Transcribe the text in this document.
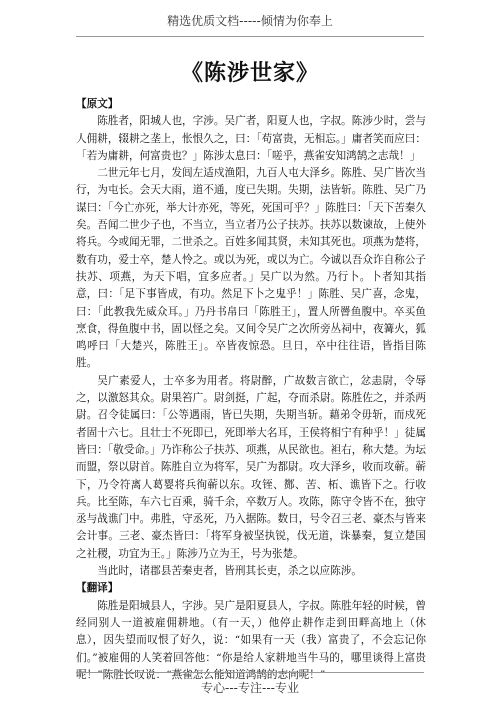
精选优质文档-----倾情为你奉上
《陈涉世家》

【原文】

陈胜者，阳城人也，字涉。吴广者，阳夏人也，字叔。陈涉少时，尝与人佣耕，辍耕之垄上，怅恨久之，曰：「苟富贵，无相忘。」庸者笑而应曰：「若为庸耕，何富贵也？」陈涉太息曰：「嗟乎，燕雀安知鸿鹄之志哉！」

二世元年七月，发闾左适戍渔阳，九百人屯大泽乡。陈胜、吴广皆次当行，为屯长。会天大雨，道不通，度已失期。失期，法皆斩。陈胜、吴广乃谋曰：「今亡亦死，举大计亦死，等死，死国可乎？」陈胜曰：「天下苦秦久矣。吾闻二世少子也，不当立，当立者乃公子扶苏。扶苏以数谏故，上使外将兵。今或闻无罪，二世杀之。百姓多闻其贤，未知其死也。项燕为楚将，数有功，爱士卒，楚人怜之。或以为死，或以为亡。今诚以吾众诈自称公子扶苏、项燕，为天下唱，宜多应者。」吴广以为然。乃行卜。卜者知其指意，曰：「足下事皆成，有功。然足下卜之鬼乎！」陈胜、吴广喜，念鬼，曰：「此教我先威众耳。」乃丹书帛曰「陈胜王」，置人所罾鱼腹中。卒买鱼烹食，得鱼腹中书，固以怪之矣。又间令吴广之次所旁丛祠中，夜篝火，狐鸣呼曰「大楚兴，陈胜王」。卒皆夜惊恐。旦日，卒中往往语，皆指目陈胜。

吴广素爱人，士卒多为用者。将尉醉，广故数言欲亡，忿恚尉，令辱之，以激怒其众。尉果笞广。尉剑挺，广起，夺而杀尉。陈胜佐之，并杀两尉。召令徒属曰：「公等遇雨，皆已失期，失期当斩。藉弟令毋斩，而戍死者固十六七。且壮士不死即已，死即举大名耳，王侯将相宁有种乎！」徒属皆曰：「敬受命。」乃诈称公子扶苏、项燕，从民欲也。袒右，称大楚。为坛而盟，祭以尉首。陈胜自立为将军，吴广为都尉。攻大泽乡，收而攻蕲。蕲下，乃令符离人葛婴将兵徇蕲以东。攻铚、酂、苦、柘、谯皆下之。行收兵。比至陈，车六七百乘，骑千余，卒数万人。攻陈，陈守令皆不在，独守丞与战谯门中。弗胜，守丞死，乃入据陈。数日，号令召三老、豪杰与皆来会计事。三老、豪杰皆曰：「将军身被坚执锐，伐无道，诛暴秦，复立楚国之社稷，功宜为王。」陈涉乃立为王，号为张楚。

当此时，诸郡县苦秦吏者，皆刑其长吏，杀之以应陈涉。

【翻译】

陈胜是阳城县人，字涉。吴广是阳夏县人，字叔。陈胜年轻的时候，曾经同别人一道被雇佣耕地。（有一天，）他停止耕作走到田畔高地上（休息），因失望而叹恨了好久，说：“如果有一天（我）富贵了，不会忘记你们。”被雇佣的人笑着回答他：“你是给人家耕地当牛马的，哪里谈得上富贵呢！”陈胜长叹说：“燕雀怎么能知道鸿鹄的志向呢！”

专心---专注---专业
